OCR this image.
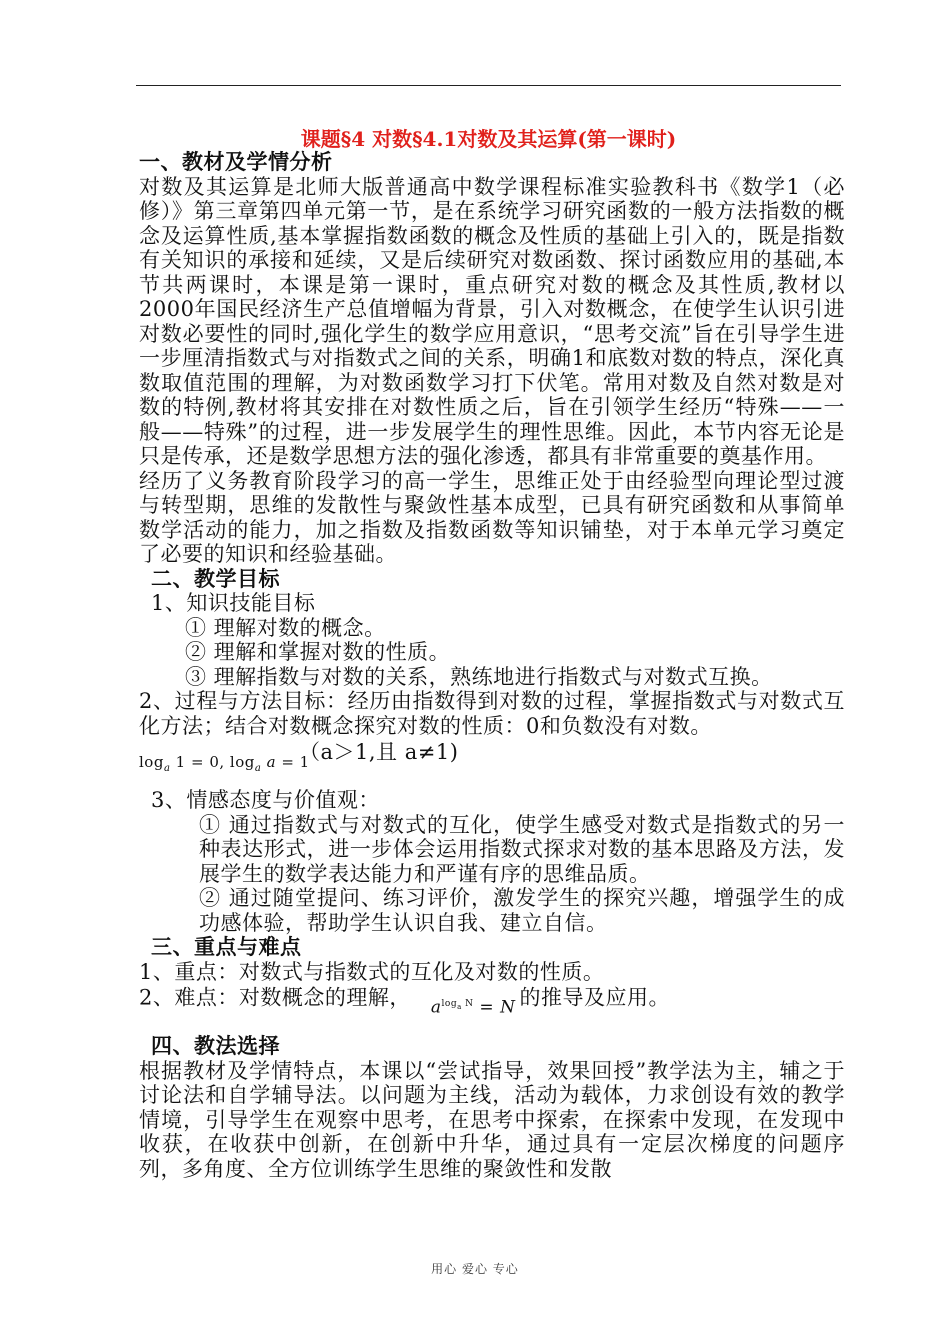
课题§4 对数§4.1对数及其运算(第一课时)

一、教材及学情分析

对数及其运算是北师大版普通高中数学课程标准实验教科书《数学1（必修）》第三章第四单元第一节，是在系统学习研究函数的一般方法指数的概念及运算性质,基本掌握指数函数的概念及性质的基础上引入的，既是指数有关知识的承接和延续，又是后续研究对数函数、探讨函数应用的基础,本节共两课时，本课是第一课时，重点研究对数的概念及其性质,教材以2000年国民经济生产总值增幅为背景，引入对数概念，在使学生认识引进对数必要性的同时,强化学生的数学应用意识，“思考交流”旨在引导学生进一步厘清指数式与对指数式之间的关系，明确1和底数对数的特点，深化真数取值范围的理解，为对数函数学习打下伏笔。常用对数及自然对数是对数的特例,教材将其安排在对数性质之后，旨在引领学生经历“特殊——一般——特殊”的过程，进一步发展学生的理性思维。因此，本节内容无论是只是传承，还是数学思想方法的强化渗透，都具有非常重要的奠基作用。

经历了义务教育阶段学习的高一学生，思维正处于由经验型向理论型过渡与转型期，思维的发散性与聚敛性基本成型，已具有研究函数和从事简单数学活动的能力，加之指数及指数函数等知识铺垫，对于本单元学习奠定了必要的知识和经验基础。

二、教学目标

1、知识技能目标

① 理解对数的概念。

② 理解和掌握对数的性质。

③ 理解指数与对数的关系，熟练地进行指数式与对数式互换。

2、过程与方法目标：经历由指数得到对数的过程，掌握指数式与对数式互化方法；结合对数概念探究对数的性质：0和负数没有对数。

$\log_a 1 = 0$, $\log_a a = 1$
（a＞1,且 a≠1)

3、情感态度与价值观：

① 通过指数式与对数式的互化，使学生感受对数式是指数式的另一种表达形式，进一步体会运用指数式探求对数的基本思路及方法，发展学生的数学表达能力和严谨有序的思维品质。

② 通过随堂提问、练习评价，激发学生的探究兴趣，增强学生的成功感体验，帮助学生认识自我、建立自信。

三、重点与难点

1、重点：对数式与指数式的互化及对数的性质。

2、难点：对数概念的理解， $a^{log_a N} = N$ 的推导及应用。

四、教法选择

根据教材及学情特点，本课以“尝试指导，效果回授”教学法为主，辅之于讨论法和自学辅导法。以问题为主线，活动为载体，力求创设有效的教学情境，引导学生在观察中思考，在思考中探索，在探索中发现，在发现中收获，在收获中创新，在创新中升华，通过具有一定层次梯度的问题序列，多角度、全方位训练学生思维的聚敛性和发散

用心 爱心 专心
